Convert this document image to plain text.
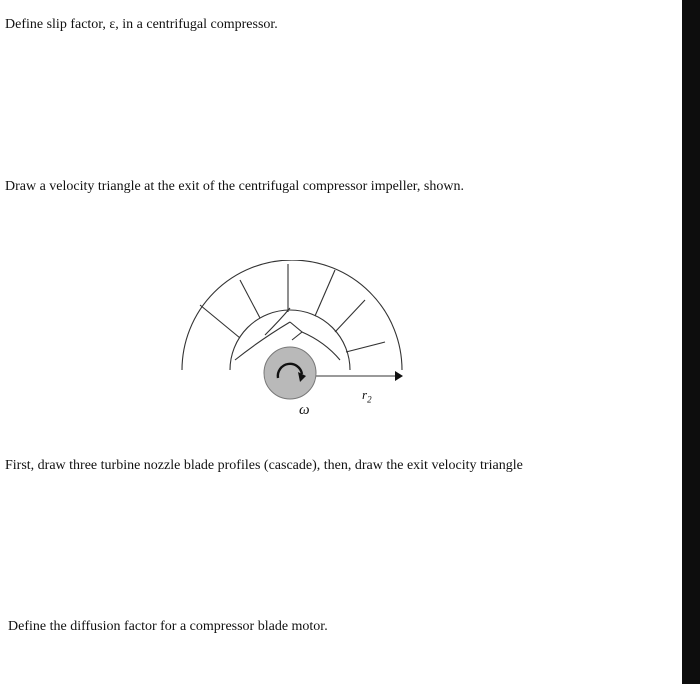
Define slip factor, ε, in a centrifugal compressor.
Draw a velocity triangle at the exit of the centrifugal compressor impeller, shown.
ω
$r_2$
First, draw three turbine nozzle blade profiles (cascade), then, draw the exit velocity triangle
Define the diffusion factor for a compressor blade motor.
